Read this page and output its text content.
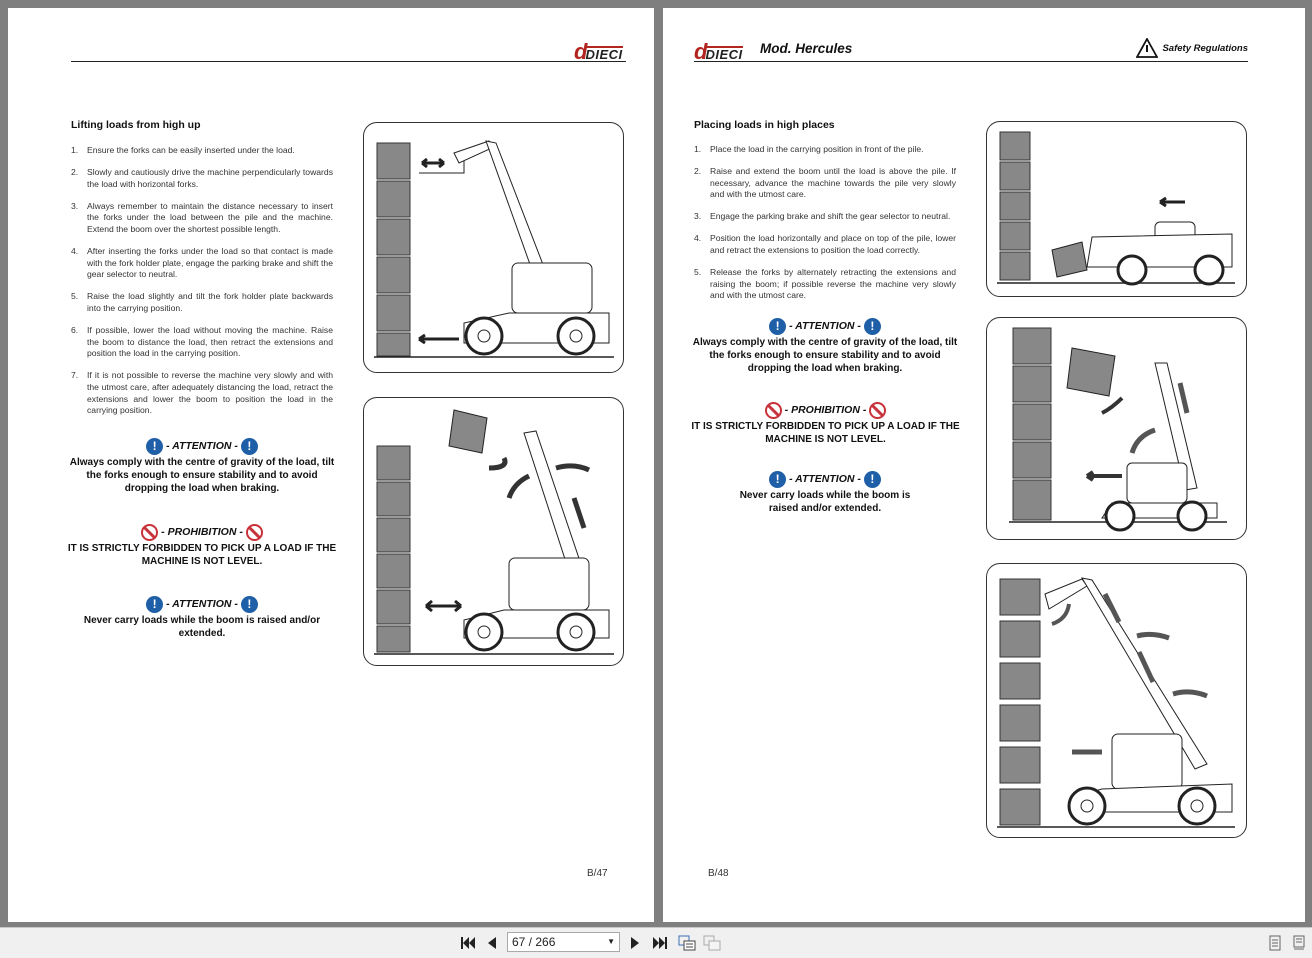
d
DIECI
Lifting loads from high up
1. Ensure the forks can be easily inserted under the load.
2. Slowly and cautiously drive the machine perpendicularly towards the load with horizontal forks.
3. Always remember to maintain the distance necessary to insert the forks under the load between the pile and the machine. Extend the boom over the shortest possible length.
4. After inserting the forks under the load so that contact is made with the fork holder plate, engage the parking brake and shift the gear selector to neutral.
5. Raise the load slightly and tilt the fork holder plate backwards into the carrying position.
6. If possible, lower the load without moving the machine. Raise the boom to distance the load, then retract the extensions and position the load in the carrying position.
7. If it is not possible to reverse the machine very slowly and with the utmost care, after adequately distancing the load, retract the extensions and lower the boom to position the load in the carrying position.
! - ATTENTION - !
Always comply with the centre of gravity of the load, tilt the forks enough to ensure stability and to avoid dropping the load when braking.
- PROHIBITION -
IT IS STRICTLY FORBIDDEN TO PICK UP A LOAD IF THE MACHINE IS NOT LEVEL.
! - ATTENTION - !
Never carry loads while the boom is raised and/or extended.
B/47
d
DIECI Mod. Hercules	Safety Regulations
Placing loads in high places
1. Place the load in the carrying position in front of the pile.
2. Raise and extend the boom until the load is above the pile. If necessary, advance the machine towards the pile very slowly and with the utmost care.
3. Engage the parking brake and shift the gear selector to neutral.
4. Position the load horizontally and place on top of the pile, lower and retract the extensions to position the load correctly.
5. Release the forks by alternately retracting the extensions and raising the boom; if possible reverse the machine very slowly and with the utmost care.
! - ATTENTION - !
Always comply with the centre of gravity of the load, tilt the forks enough to ensure stability and to avoid dropping the load when braking.
- PROHIBITION -
IT IS STRICTLY FORBIDDEN TO PICK UP A LOAD IF THE MACHINE IS NOT LEVEL.
! - ATTENTION - !
Never carry loads while the boom is raised and/or extended.
B/48
67 / 266	▼
